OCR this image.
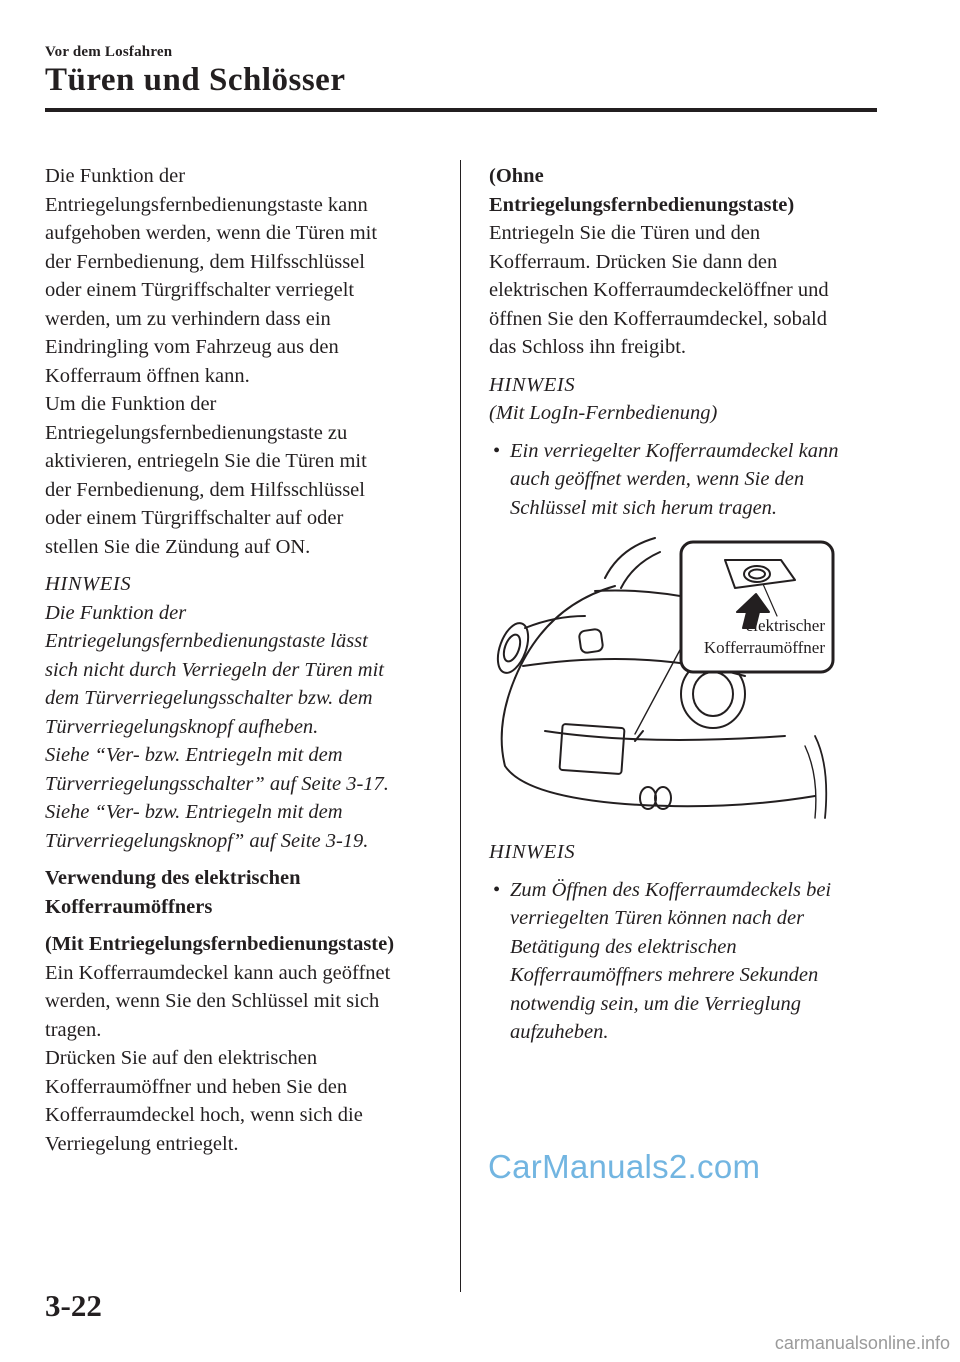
Vor dem Losfahren
Türen und Schlösser

Die Funktion der
Entriegelungsfernbedienungstaste kann
aufgehoben werden, wenn die Türen mit
der Fernbedienung, dem Hilfsschlüssel
oder einem Türgriffschalter verriegelt
werden, um zu verhindern dass ein
Eindringling vom Fahrzeug aus den
Kofferraum öffnen kann.
Um die Funktion der
Entriegelungsfernbedienungstaste zu
aktivieren, entriegeln Sie die Türen mit
der Fernbedienung, dem Hilfsschlüssel
oder einem Türgriffschalter auf oder
stellen Sie die Zündung auf ON.

HINWEIS

Die Funktion der
Entriegelungsfernbedienungstaste lässt
sich nicht durch Verriegeln der Türen mit
dem Türverriegelungsschalter bzw. dem
Türverriegelungsknopf aufheben.
Siehe “Ver- bzw. Entriegeln mit dem
Türverriegelungsschalter” auf Seite 3-17.
Siehe “Ver- bzw. Entriegeln mit dem
Türverriegelungsknopf” auf Seite 3-19.

Verwendung des elektrischen
Kofferraumöffners

(Mit Entriegelungsfernbedienungstaste)

Ein Kofferraumdeckel kann auch geöffnet
werden, wenn Sie den Schlüssel mit sich
tragen.
Drücken Sie auf den elektrischen
Kofferraumöffner und heben Sie den
Kofferraumdeckel hoch, wenn sich die
Verriegelung entriegelt.

(Ohne
Entriegelungsfernbedienungstaste)

Entriegeln Sie die Türen und den
Kofferraum. Drücken Sie dann den
elektrischen Kofferraumdeckelöffner und
öffnen Sie den Kofferraumdeckel, sobald
das Schloss ihn freigibt.

HINWEIS

(Mit LogIn-Fernbedienung)

• Ein verriegelter Kofferraumdeckel kann
auch geöffnet werden, wenn Sie den
Schlüssel mit sich herum tragen.
elektrischer
Kofferraumöffner

HINWEIS

• Zum Öffnen des Kofferraumdeckels bei
verriegelten Türen können nach der
Betätigung des elektrischen
Kofferraumöffners mehrere Sekunden
notwendig sein, um die Verrieglung
aufzuheben.
CarManuals2.com
3-22
carmanualsonline.info
